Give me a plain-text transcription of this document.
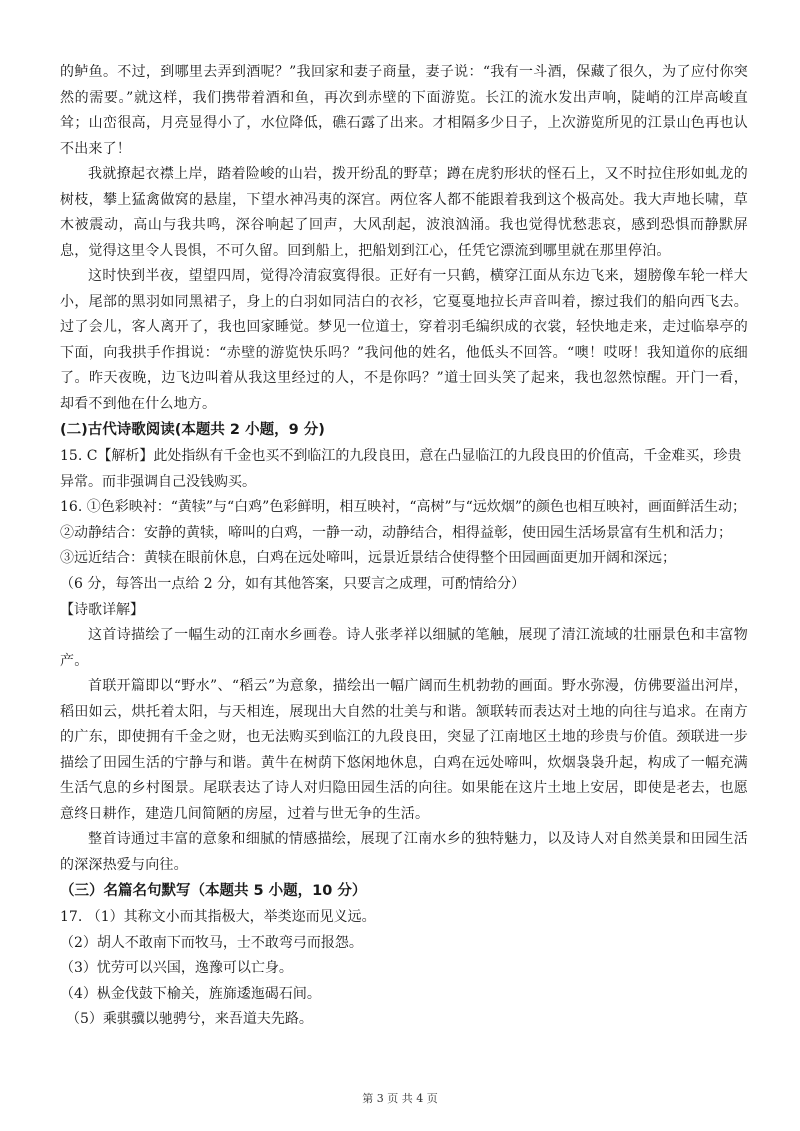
的鲈鱼。不过，到哪里去弄到酒呢？”我回家和妻子商量，妻子说：“我有一斗酒，保藏了很久，为了应付你突然的需要。”就这样，我们携带着酒和鱼，再次到赤壁的下面游览。长江的流水发出声响，陡峭的江岸高峻直耸；山峦很高，月亮显得小了，水位降低，礁石露了出来。才相隔多少日子，上次游览所见的江景山色再也认不出来了！

我就撩起衣襟上岸，踏着险峻的山岩，拨开纷乱的野草；蹲在虎豹形状的怪石上，又不时拉住形如虬龙的树枝，攀上猛禽做窝的悬崖，下望水神冯夷的深宫。两位客人都不能跟着我到这个极高处。我大声地长啸，草木被震动，高山与我共鸣，深谷响起了回声，大风刮起，波浪汹涌。我也觉得忧愁悲哀，感到恐惧而静默屏息，觉得这里令人畏惧，不可久留。回到船上，把船划到江心，任凭它漂流到哪里就在那里停泊。

这时快到半夜，望望四周，觉得冷清寂寞得很。正好有一只鹤，横穿江面从东边飞来，翅膀像车轮一样大小，尾部的黑羽如同黑裙子，身上的白羽如同洁白的衣衫，它戛戛地拉长声音叫着，擦过我们的船向西飞去。过了会儿，客人离开了，我也回家睡觉。梦见一位道士，穿着羽毛编织成的衣裳，轻快地走来，走过临皋亭的下面，向我拱手作揖说：“赤壁的游览快乐吗？”我问他的姓名，他低头不回答。“噢！哎呀！我知道你的底细了。昨天夜晚，边飞边叫着从我这里经过的人，不是你吗？”道士回头笑了起来，我也忽然惊醒。开门一看，却看不到他在什么地方。

(二)古代诗歌阅读(本题共 2 小题，9 分)

15. C【解析】此处指纵有千金也买不到临江的九段良田，意在凸显临江的九段良田的价值高，千金难买，珍贵异常。而非强调自己没钱购买。

16. ①色彩映衬：“黄犊”与“白鸡”色彩鲜明，相互映衬，“高树”与“远炊烟”的颜色也相互映衬，画面鲜活生动；

②动静结合：安静的黄犊，啼叫的白鸡，一静一动，动静结合，相得益彰，使田园生活场景富有生机和活力；

③远近结合：黄犊在眼前休息，白鸡在远处啼叫，远景近景结合使得整个田园画面更加开阔和深远；

（6 分，每答出一点给 2 分，如有其他答案，只要言之成理，可酌情给分）

【诗歌详解】

这首诗描绘了一幅生动的江南水乡画卷。诗人张孝祥以细腻的笔触，展现了清江流域的壮丽景色和丰富物产。

首联开篇即以“野水”、“稻云”为意象，描绘出一幅广阔而生机勃勃的画面。野水弥漫，仿佛要溢出河岸，稻田如云，烘托着太阳，与天相连，展现出大自然的壮美与和谐。颔联转而表达对土地的向往与追求。在南方的广东，即使拥有千金之财，也无法购买到临江的九段良田，突显了江南地区土地的珍贵与价值。颈联进一步描绘了田园生活的宁静与和谐。黄牛在树荫下悠闲地休息，白鸡在远处啼叫，炊烟袅袅升起，构成了一幅充满生活气息的乡村图景。尾联表达了诗人对归隐田园生活的向往。如果能在这片土地上安居，即使是老去，也愿意终日耕作，建造几间简陋的房屋，过着与世无争的生活。

整首诗通过丰富的意象和细腻的情感描绘，展现了江南水乡的独特魅力，以及诗人对自然美景和田园生活的深深热爱与向往。

（三）名篇名句默写（本题共 5 小题，10 分）

17. （1）其称文小而其指极大，举类迩而见义远。

（2）胡人不敢南下而牧马，士不敢弯弓而报怨。

（3）忧劳可以兴国，逸豫可以亡身。

（4）枞金伐鼓下榆关，旌旆逶迤碣石间。

（5）乘骐骥以驰骋兮，来吾道夫先路。

第 3 页 共 4 页
